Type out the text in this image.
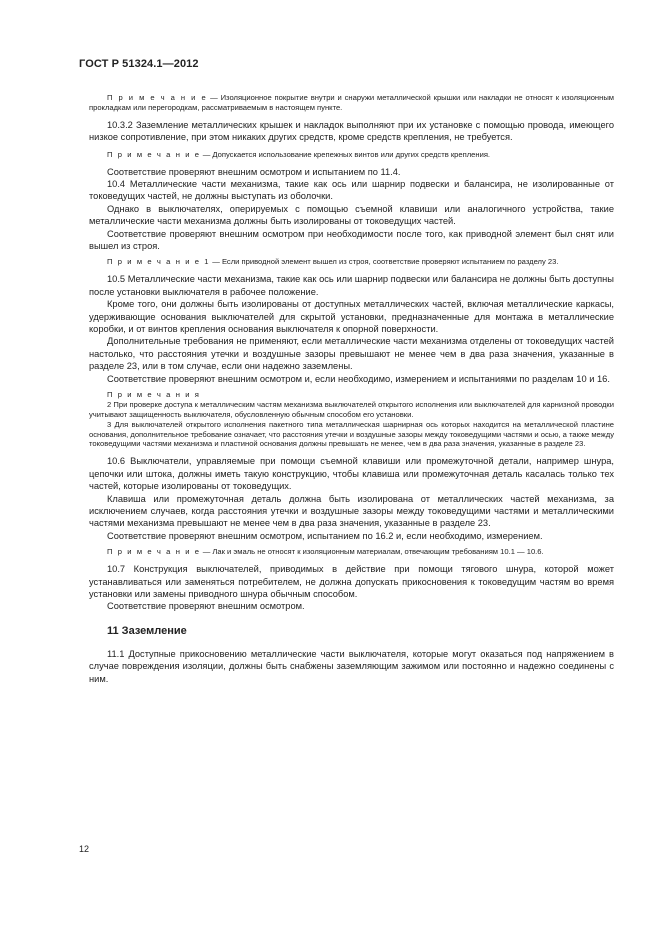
ГОСТ Р 51324.1—2012

П р и м е ч а н и е — Изоляционное покрытие внутри и снаружи металлической крышки или накладки не относят к изоляционным прокладкам или перегородкам, рассматриваемым в настоящем пункте.

10.3.2 Заземление металлических крышек и накладок выполняют при их установке с помощью провода, имеющего низкое сопротивление, при этом никаких других средств, кроме средств крепления, не требуется.

П р и м е ч а н и е — Допускается использование крепежных винтов или других средств крепления.

Соответствие проверяют внешним осмотром и испытанием по 11.4.

10.4 Металлические части механизма, такие как ось или шарнир подвески и балансира, не изолированные от токоведущих частей, не должны выступать из оболочки.

Однако в выключателях, оперируемых с помощью съемной клавиши или аналогичного устройства, такие металлические части механизма должны быть изолированы от токоведущих частей.

Соответствие проверяют внешним осмотром при необходимости после того, как приводной элемент был снят или вышел из строя.

П р и м е ч а н и е 1 — Если приводной элемент вышел из строя, соответствие проверяют испытанием по разделу 23.

10.5 Металлические части механизма, такие как ось или шарнир подвески или балансира не должны быть доступны после установки выключателя в рабочее положение.

Кроме того, они должны быть изолированы от доступных металлических частей, включая металлические каркасы, удерживающие основания выключателей для скрытой установки, предназначенные для монтажа в металлические коробки, и от винтов крепления основания выключателя к опорной поверхности.

Дополнительные требования не применяют, если металлические части механизма отделены от токоведущих частей настолько, что расстояния утечки и воздушные зазоры превышают не менее чем в два раза значения, указанные в разделе 23, или в том случае, если они надежно заземлены.

Соответствие проверяют внешним осмотром и, если необходимо, измерением и испытаниями по разделам 10 и 16.

П р и м е ч а н и я

2 При проверке доступа к металлическим частям механизма выключателей открытого исполнения или выключателей для карнизной проводки учитывают защищенность выключателя, обусловленную обычным способом его установки.

3 Для выключателей открытого исполнения пакетного типа металлическая шарнирная ось которых находится на металлической пластине основания, дополнительное требование означает, что расстояния утечки и воздушные зазоры между токоведущими частями и осью, а также между токоведущими частями механизма и пластиной основания должны превышать не менее, чем в два раза значения, указанные в разделе 23.

10.6 Выключатели, управляемые при помощи съемной клавиши или промежуточной детали, например шнура, цепочки или штока, должны иметь такую конструкцию, чтобы клавиша или промежуточная деталь касалась только тех частей, которые изолированы от токоведущих.

Клавиша или промежуточная деталь должна быть изолирована от металлических частей механизма, за исключением случаев, когда расстояния утечки и воздушные зазоры между токоведущими частями и металлическими частями механизма превышают не менее чем в два раза значения, указанные в разделе 23.

Соответствие проверяют внешним осмотром, испытанием по 16.2 и, если необходимо, измерением.

П р и м е ч а н и е — Лак и эмаль не относят к изоляционным материалам, отвечающим требованиям 10.1 — 10.6.

10.7 Конструкция выключателей, приводимых в действие при помощи тягового шнура, которой может устанавливаться или заменяться потребителем, не должна допускать прикосновения к токоведущим частям во время установки или замены приводного шнура обычным способом.

Соответствие проверяют внешним осмотром.

11 Заземление

11.1 Доступные прикосновению металлические части выключателя, которые могут оказаться под напряжением в случае повреждения изоляции, должны быть снабжены заземляющим зажимом или постоянно и надежно соединены с ним.

12
